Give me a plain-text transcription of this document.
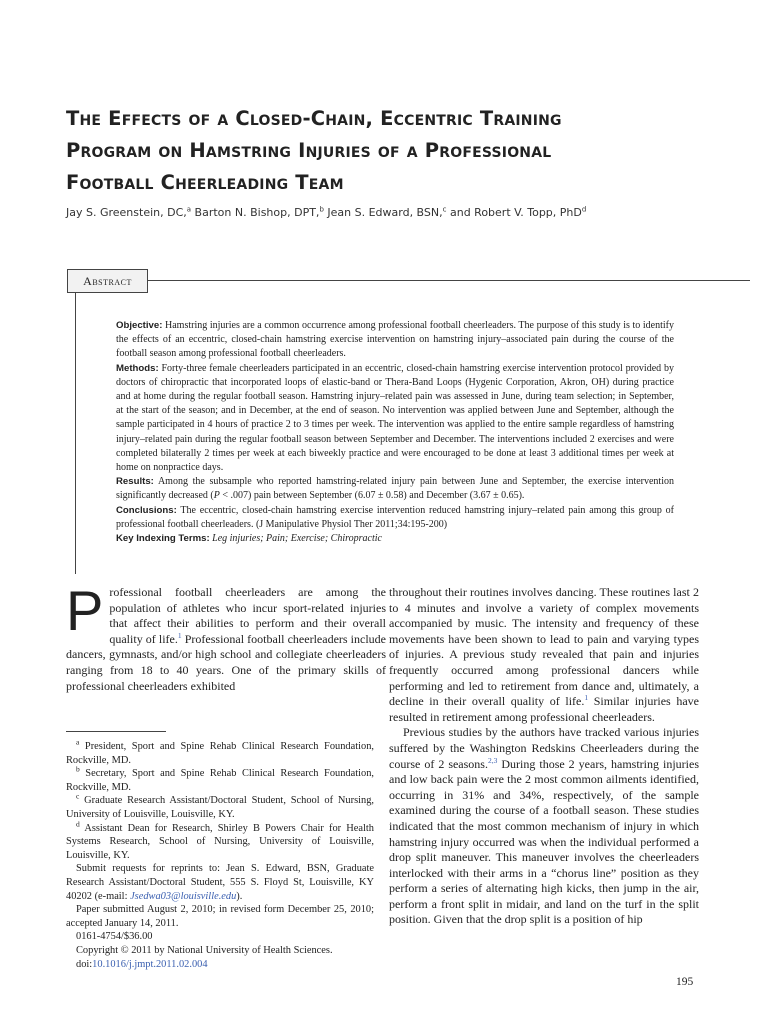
The Effects of a Closed-Chain, Eccentric Training
Program on Hamstring Injuries of a Professional
Football Cheerleading Team
Jay S. Greenstein, DC,$^a$ Barton N. Bishop, DPT,$^b$ Jean S. Edward, BSN,$^c$ and Robert V. Topp, PhD$^d$
Abstract
Objective: Hamstring injuries are a common occurrence among professional football cheerleaders. The purpose of this study is to identify the effects of an eccentric, closed-chain hamstring exercise intervention on hamstring injury–associated pain during the course of the football season among professional football cheerleaders.
Methods: Forty-three female cheerleaders participated in an eccentric, closed-chain hamstring exercise intervention protocol provided by doctors of chiropractic that incorporated loops of elastic-band or Thera-Band Loops (Hygenic Corporation, Akron, OH) during practice and at home during the regular football season. Hamstring injury–related pain was assessed in June, during team selection; in September, at the start of the season; and in December, at the end of season. No intervention was applied between June and September, although the sample participated in 4 hours of practice 2 to 3 times per week. The intervention was applied to the entire sample regardless of hamstring injury–related pain during the regular football season between September and December. The interventions included 2 exercises and were completed bilaterally 2 times per week at each biweekly practice and were encouraged to be done at least 3 additional times per week at home on nonpractice days.
Results: Among the subsample who reported hamstring-related injury pain between June and September, the exercise intervention significantly decreased (P < .007) pain between September (6.07 ± 0.58) and December (3.67 ± 0.65).
Conclusions: The eccentric, closed-chain hamstring exercise intervention reduced hamstring injury–related pain among this group of professional football cheerleaders. (J Manipulative Physiol Ther 2011;34:195-200)
Key Indexing Terms: Leg injuries; Pain; Exercise; Chiropractic

Professional football cheerleaders are among the population of athletes who incur sport-related injuries that affect their abilities to perform and their overall quality of life.$^1$ Professional football cheerleaders include dancers, gymnasts, and/or high school and collegiate cheerleaders ranging from 18 to 40 years. One of the primary skills of professional cheerleaders exhibited

$^a$ President, Sport and Spine Rehab Clinical Research Foundation, Rockville, MD.

$^b$ Secretary, Sport and Spine Rehab Clinical Research Foundation, Rockville, MD.

$^c$ Graduate Research Assistant/Doctoral Student, School of Nursing, University of Louisville, Louisville, KY.

$^d$ Assistant Dean for Research, Shirley B Powers Chair for Health Systems Research, School of Nursing, University of Louisville, Louisville, KY.

Submit requests for reprints to: Jean S. Edward, BSN, Graduate Research Assistant/Doctoral Student, 555 S. Floyd St, Louisville, KY 40202 (e-mail: Jsedwa03@louisville.edu).

Paper submitted August 2, 2010; in revised form December 25, 2010; accepted January 14, 2011.

0161-4754/$36.00

Copyright © 2011 by National University of Health Sciences.

doi:10.1016/j.jmpt.2011.02.004

throughout their routines involves dancing. These routines last 2 to 4 minutes and involve a variety of complex movements accompanied by music. The intensity and frequency of these movements have been shown to lead to pain and varying types of injuries. A previous study revealed that pain and injuries frequently occurred among professional dancers while performing and led to retirement from dance and, ultimately, a decline in their overall quality of life.$^1$ Similar injuries have resulted in retirement among professional cheerleaders.

Previous studies by the authors have tracked various injuries suffered by the Washington Redskins Cheerleaders during the course of 2 seasons.$^{2,3}$ During those 2 years, hamstring injuries and low back pain were the 2 most common ailments identified, occurring in 31% and 34%, respectively, of the sample examined during the course of a football season. These studies indicated that the most common mechanism of injury in which hamstring injury occurred was when the individual performed a drop split maneuver. This maneuver involves the cheerleaders interlocked with their arms in a “chorus line” position as they perform a series of alternating high kicks, then jump in the air, perform a front split in midair, and land on the turf in the split position. Given that the drop split is a position of hip

195
